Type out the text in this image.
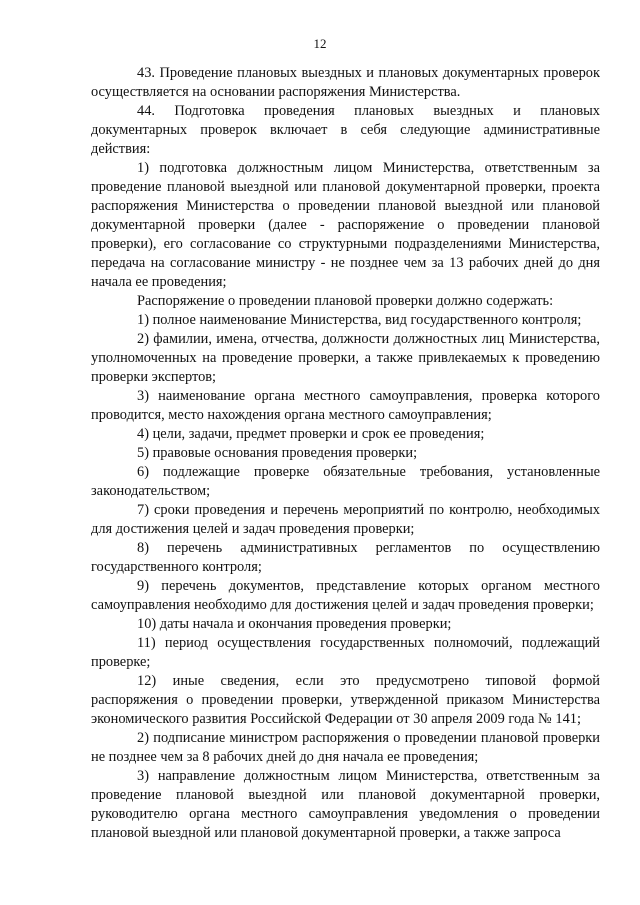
12

43. Проведение плановых выездных и плановых документарных проверок осуществляется на основании распоряжения Министерства.

44. Подготовка проведения плановых выездных и плановых документарных проверок включает в себя следующие административные действия:

1) подготовка должностным лицом Министерства, ответственным за проведение плановой выездной или плановой документарной проверки, проекта распоряжения Министерства о проведении плановой выездной или плановой документарной проверки (далее - распоряжение о проведении плановой проверки), его согласование со структурными подразделениями Министерства, передача на согласование министру - не позднее чем за 13 рабочих дней до дня начала ее проведения;

Распоряжение о проведении плановой проверки должно содержать:

1) полное наименование Министерства, вид государственного контроля;

2) фамилии, имена, отчества, должности должностных лиц Министерства, уполномоченных на проведение проверки, а также привлекаемых к проведению проверки экспертов;

3) наименование органа местного самоуправления, проверка которого проводится, место нахождения органа местного самоуправления;

4) цели, задачи, предмет проверки и срок ее проведения;

5) правовые основания проведения проверки;

6) подлежащие проверке обязательные требования, установленные законодательством;

7) сроки проведения и перечень мероприятий по контролю, необходимых для достижения целей и задач проведения проверки;

8) перечень административных регламентов по осуществлению государственного контроля;

9) перечень документов, представление которых органом местного самоуправления необходимо для достижения целей и задач проведения проверки;

10) даты начала и окончания проведения проверки;

11) период осуществления государственных полномочий, подлежащий проверке;

12) иные сведения, если это предусмотрено типовой формой распоряжения о проведении проверки, утвержденной приказом Министерства экономического развития Российской Федерации от 30 апреля 2009 года № 141;

2) подписание министром распоряжения о проведении плановой проверки не позднее чем за 8 рабочих дней до дня начала ее проведения;

3) направление должностным лицом Министерства, ответственным за проведение плановой выездной или плановой документарной проверки, руководителю органа местного самоуправления уведомления о проведении плановой выездной или плановой документарной проверки, а также запроса
